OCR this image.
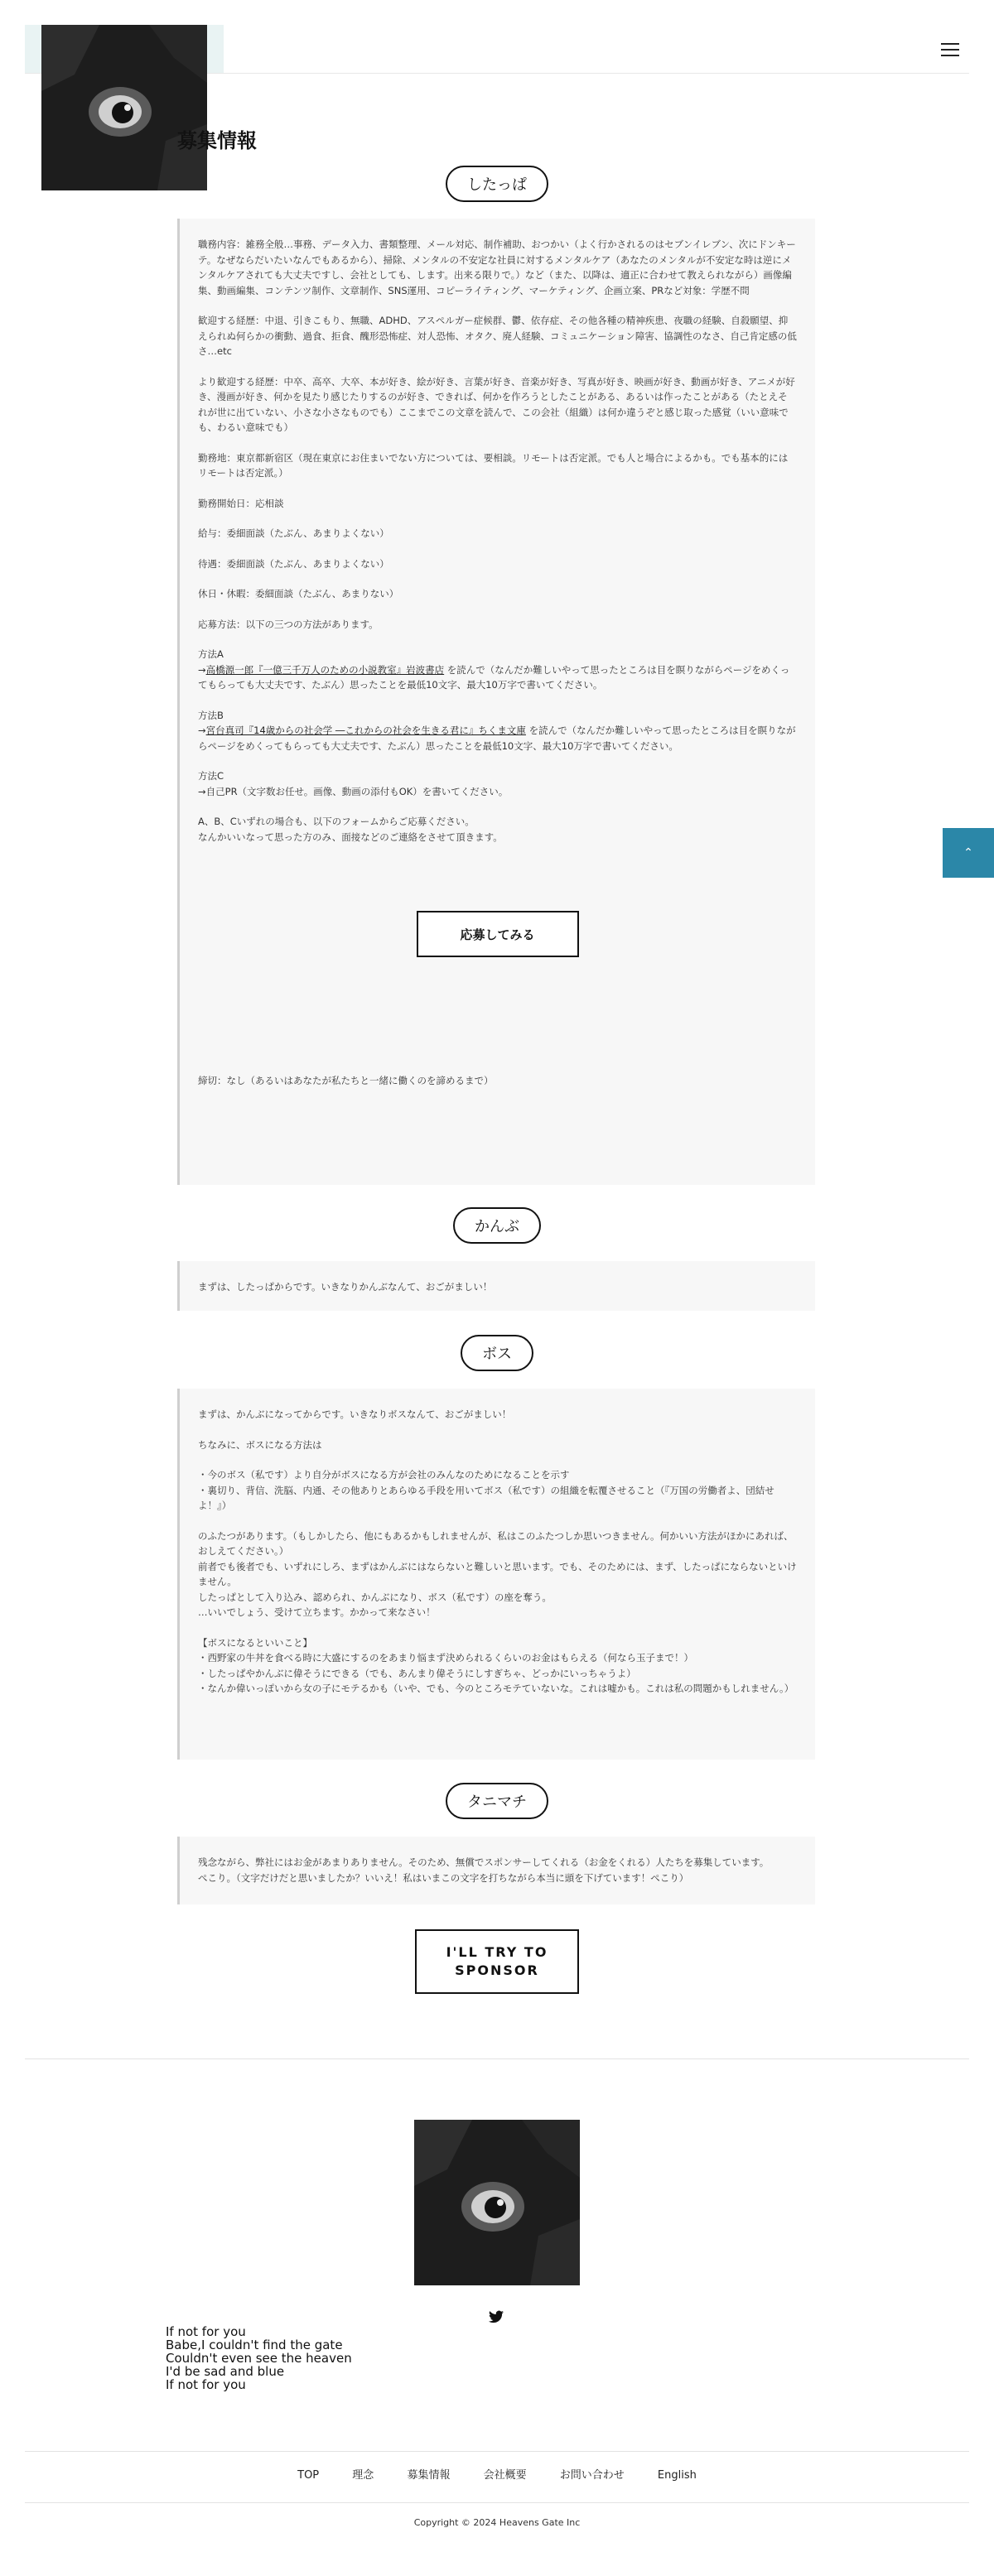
募集情報
したっぱ

職務内容：雑務全般…事務、データ入力、書類整理、メール対応、制作補助、おつかい（よく行かされるのはセブンイレブン、次にドンキーテ。なぜならだいたいなんでもあるから）、掃除、メンタルの不安定な社員に対するメンタルケア（あなたのメンタルが不安定な時は逆にメンタルケアされても大丈夫ですし、会社としても、します。出来る限りで。）など（また、以降は、適正に合わせて教えられながら）画像編集、動画編集、コンテンツ制作、文章制作、SNS運用、コピーライティング、マーケティング、企画立案、PRなど対象：学歴不問

歓迎する経歴：中退、引きこもり、無職、ADHD、アスペルガー症候群、鬱、依存症、その他各種の精神疾患、夜職の経験、自殺願望、抑えられぬ何らかの衝動、過食、拒食、醜形恐怖症、対人恐怖、オタク、廃人経験、コミュニケーション障害、協調性のなさ、自己肯定感の低さ…etc

より歓迎する経歴：中卒、高卒、大卒、本が好き、絵が好き、言葉が好き、音楽が好き、写真が好き、映画が好き、動画が好き、アニメが好き、漫画が好き、何かを見たり感じたりするのが好き、できれば、何かを作ろうとしたことがある、あるいは作ったことがある（たとえそれが世に出ていない、小さな小さなものでも）ここまでこの文章を読んで、この会社（組織）は何か違うぞと感じ取った感覚（いい意味でも、わるい意味でも）

勤務地：東京都新宿区（現在東京にお住まいでない方については、要相談。リモートは否定派。でも人と場合によるかも。でも基本的にはリモートは否定派。）

勤務開始日：応相談

給与：委細面談（たぶん、あまりよくない）

待遇：委細面談（たぶん、あまりよくない）

休日・休暇：委細面談（たぶん、あまりない）

応募方法：以下の三つの方法があります。

方法A
→高橋源一郎『一億三千万人のための小説教室』岩波書店 を読んで（なんだか難しいやって思ったところは目を瞑りながらページをめくってもらっても大丈夫です、たぶん）思ったことを最低10文字、最大10万字で書いてください。

方法B
→宮台真司『14歳からの社会学 ―これからの社会を生きる君に』ちくま文庫 を読んで（なんだか難しいやって思ったところは目を瞑りながらページをめくってもらっても大丈夫です、たぶん）思ったことを最低10文字、最大10万字で書いてください。

方法C
→自己PR（文字数お任せ。画像、動画の添付もOK）を書いてください。

A、B、Cいずれの場合も、以下のフォームからご応募ください。
なんかいいなって思った方のみ、面接などのご連絡をさせて頂きます。

応募してみる

締切：なし（あるいはあなたが私たちと一緒に働くのを諦めるまで）

かんぶ

まずは、したっぱからです。いきなりかんぶなんて、おごがましい！

ボス

まずは、かんぶになってからです。いきなりボスなんて、おごがましい！

ちなみに、ボスになる方法は

・今のボス（私です）より自分がボスになる方が会社のみんなのためになることを示す
・裏切り、背信、洗脳、内通、その他ありとあらゆる手段を用いてボス（私です）の組織を転覆させること（『万国の労働者よ、団結せよ！』）

のふたつがあります。（もしかしたら、他にもあるかもしれませんが、私はこのふたつしか思いつきません。何かいい方法がほかにあれば、おしえてください。）
前者でも後者でも、いずれにしろ、まずはかんぶにはならないと難しいと思います。でも、そのためには、まず、したっぱにならないといけません。
したっぱとして入り込み、認められ、かんぶになり、ボス（私です）の座を奪う。
…いいでしょう、受けて立ちます。かかって来なさい！

【ボスになるといいこと】
・西野家の牛丼を食べる時に大盛にするのをあまり悩まず決められるくらいのお金はもらえる（何なら玉子まで！）
・したっぱやかんぶに偉そうにできる（でも、あんまり偉そうにしすぎちゃ、どっかにいっちゃうよ）
・なんか偉いっぽいから女の子にモテるかも（いや、でも、今のところモテていないな。これは嘘かも。これは私の問題かもしれません。）

タニマチ

残念ながら、弊社にはお金があまりありません。そのため、無償でスポンサーしてくれる（お金をくれる）人たちを募集しています。
ぺこり。（文字だけだと思いましたか？いいえ！私はいまこの文字を打ちながら本当に頭を下げています！ぺこり）

I'LL TRY TO
SPONSOR
⌃
If not for you
Babe,I couldn't find the gate
Couldn't even see the heaven
I'd be sad and blue
If not for you
TOP	理念	募集情報	会社概要	お問い合わせ	English
Copyright © 2024 Heavens Gate Inc
